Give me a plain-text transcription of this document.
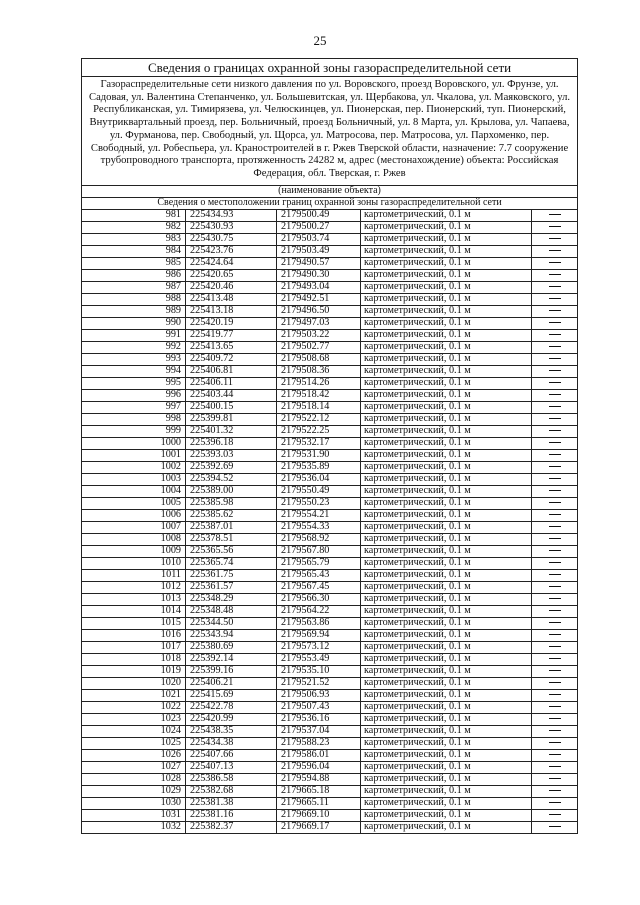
25
Сведения о границах охранной зоны газораспределительной сети				
Газораспределительные сети низкого давления по ул. Воровского, проезд Воровского, ул. Фрунзе, ул. Садовая, ул. Валентина Степанченко, ул. Большевитская, ул. Щербакова, ул. Чкалова, ул. Маяковского, ул. Республиканская, ул. Тимирязева, ул. Челюскинцев, ул. Пионерская, пер. Пионерский, туп. Пионерский, Внутриквартальный проезд, пер. Больничный, проезд Больничный, ул. 8 Марта, ул. Крылова, ул. Чапаева, ул. Фурманова, пер. Свободный, ул. Щорса, ул. Матросова, пер. Матросова, ул. Пархоменко, пер. Свободный, ул. Робеспьера, ул. Краностроителей в г. Ржев Тверской области, назначение: 7.7 сооружение трубопроводного транспорта, протяженность 24282 м, адрес (местонахождение) объекта: Российская Федерация, обл. Тверская, г. Ржев				
(наименование объекта)				
Сведения о местоположении границ охранной зоны газораспределительной сети				
981	225434.93	2179500.49	картометрический, 0.1 м	
982	225430.93	2179500.27	картометрический, 0.1 м	
983	225430.75	2179503.74	картометрический, 0.1 м	
984	225423.76	2179503.49	картометрический, 0.1 м	
985	225424.64	2179490.57	картометрический, 0.1 м	
986	225420.65	2179490.30	картометрический, 0.1 м	
987	225420.46	2179493.04	картометрический, 0.1 м	
988	225413.48	2179492.51	картометрический, 0.1 м	
989	225413.18	2179496.50	картометрический, 0.1 м	
990	225420.19	2179497.03	картометрический, 0.1 м	
991	225419.77	2179503.22	картометрический, 0.1 м	
992	225413.65	2179502.77	картометрический, 0.1 м	
993	225409.72	2179508.68	картометрический, 0.1 м	
994	225406.81	2179508.36	картометрический, 0.1 м	
995	225406.11	2179514.26	картометрический, 0.1 м	
996	225403.44	2179518.42	картометрический, 0.1 м	
997	225400.15	2179518.14	картометрический, 0.1 м	
998	225399.81	2179522.12	картометрический, 0.1 м	
999	225401.32	2179522.25	картометрический, 0.1 м	
1000	225396.18	2179532.17	картометрический, 0.1 м	
1001	225393.03	2179531.90	картометрический, 0.1 м	
1002	225392.69	2179535.89	картометрический, 0.1 м	
1003	225394.52	2179536.04	картометрический, 0.1 м	
1004	225389.00	2179550.49	картометрический, 0.1 м	
1005	225385.98	2179550.23	картометрический, 0.1 м	
1006	225385.62	2179554.21	картометрический, 0.1 м	
1007	225387.01	2179554.33	картометрический, 0.1 м	
1008	225378.51	2179568.92	картометрический, 0.1 м	
1009	225365.56	2179567.80	картометрический, 0.1 м	
1010	225365.74	2179565.79	картометрический, 0.1 м	
1011	225361.75	2179565.43	картометрический, 0.1 м	
1012	225361.57	2179567.45	картометрический, 0.1 м	
1013	225348.29	2179566.30	картометрический, 0.1 м	
1014	225348.48	2179564.22	картометрический, 0.1 м	
1015	225344.50	2179563.86	картометрический, 0.1 м	
1016	225343.94	2179569.94	картометрический, 0.1 м	
1017	225380.69	2179573.12	картометрический, 0.1 м	
1018	225392.14	2179553.49	картометрический, 0.1 м	
1019	225399.16	2179535.10	картометрический, 0.1 м	
1020	225406.21	2179521.52	картометрический, 0.1 м	
1021	225415.69	2179506.93	картометрический, 0.1 м	
1022	225422.78	2179507.43	картометрический, 0.1 м	
1023	225420.99	2179536.16	картометрический, 0.1 м	
1024	225438.35	2179537.04	картометрический, 0.1 м	
1025	225434.38	2179588.23	картометрический, 0.1 м	
1026	225407.66	2179586.01	картометрический, 0.1 м	
1027	225407.13	2179596.04	картометрический, 0.1 м	
1028	225386.58	2179594.88	картометрический, 0.1 м	
1029	225382.68	2179665.18	картометрический, 0.1 м	
1030	225381.38	2179665.11	картометрический, 0.1 м	
1031	225381.16	2179669.10	картометрический, 0.1 м	
1032	225382.37	2179669.17	картометрический, 0.1 м	
